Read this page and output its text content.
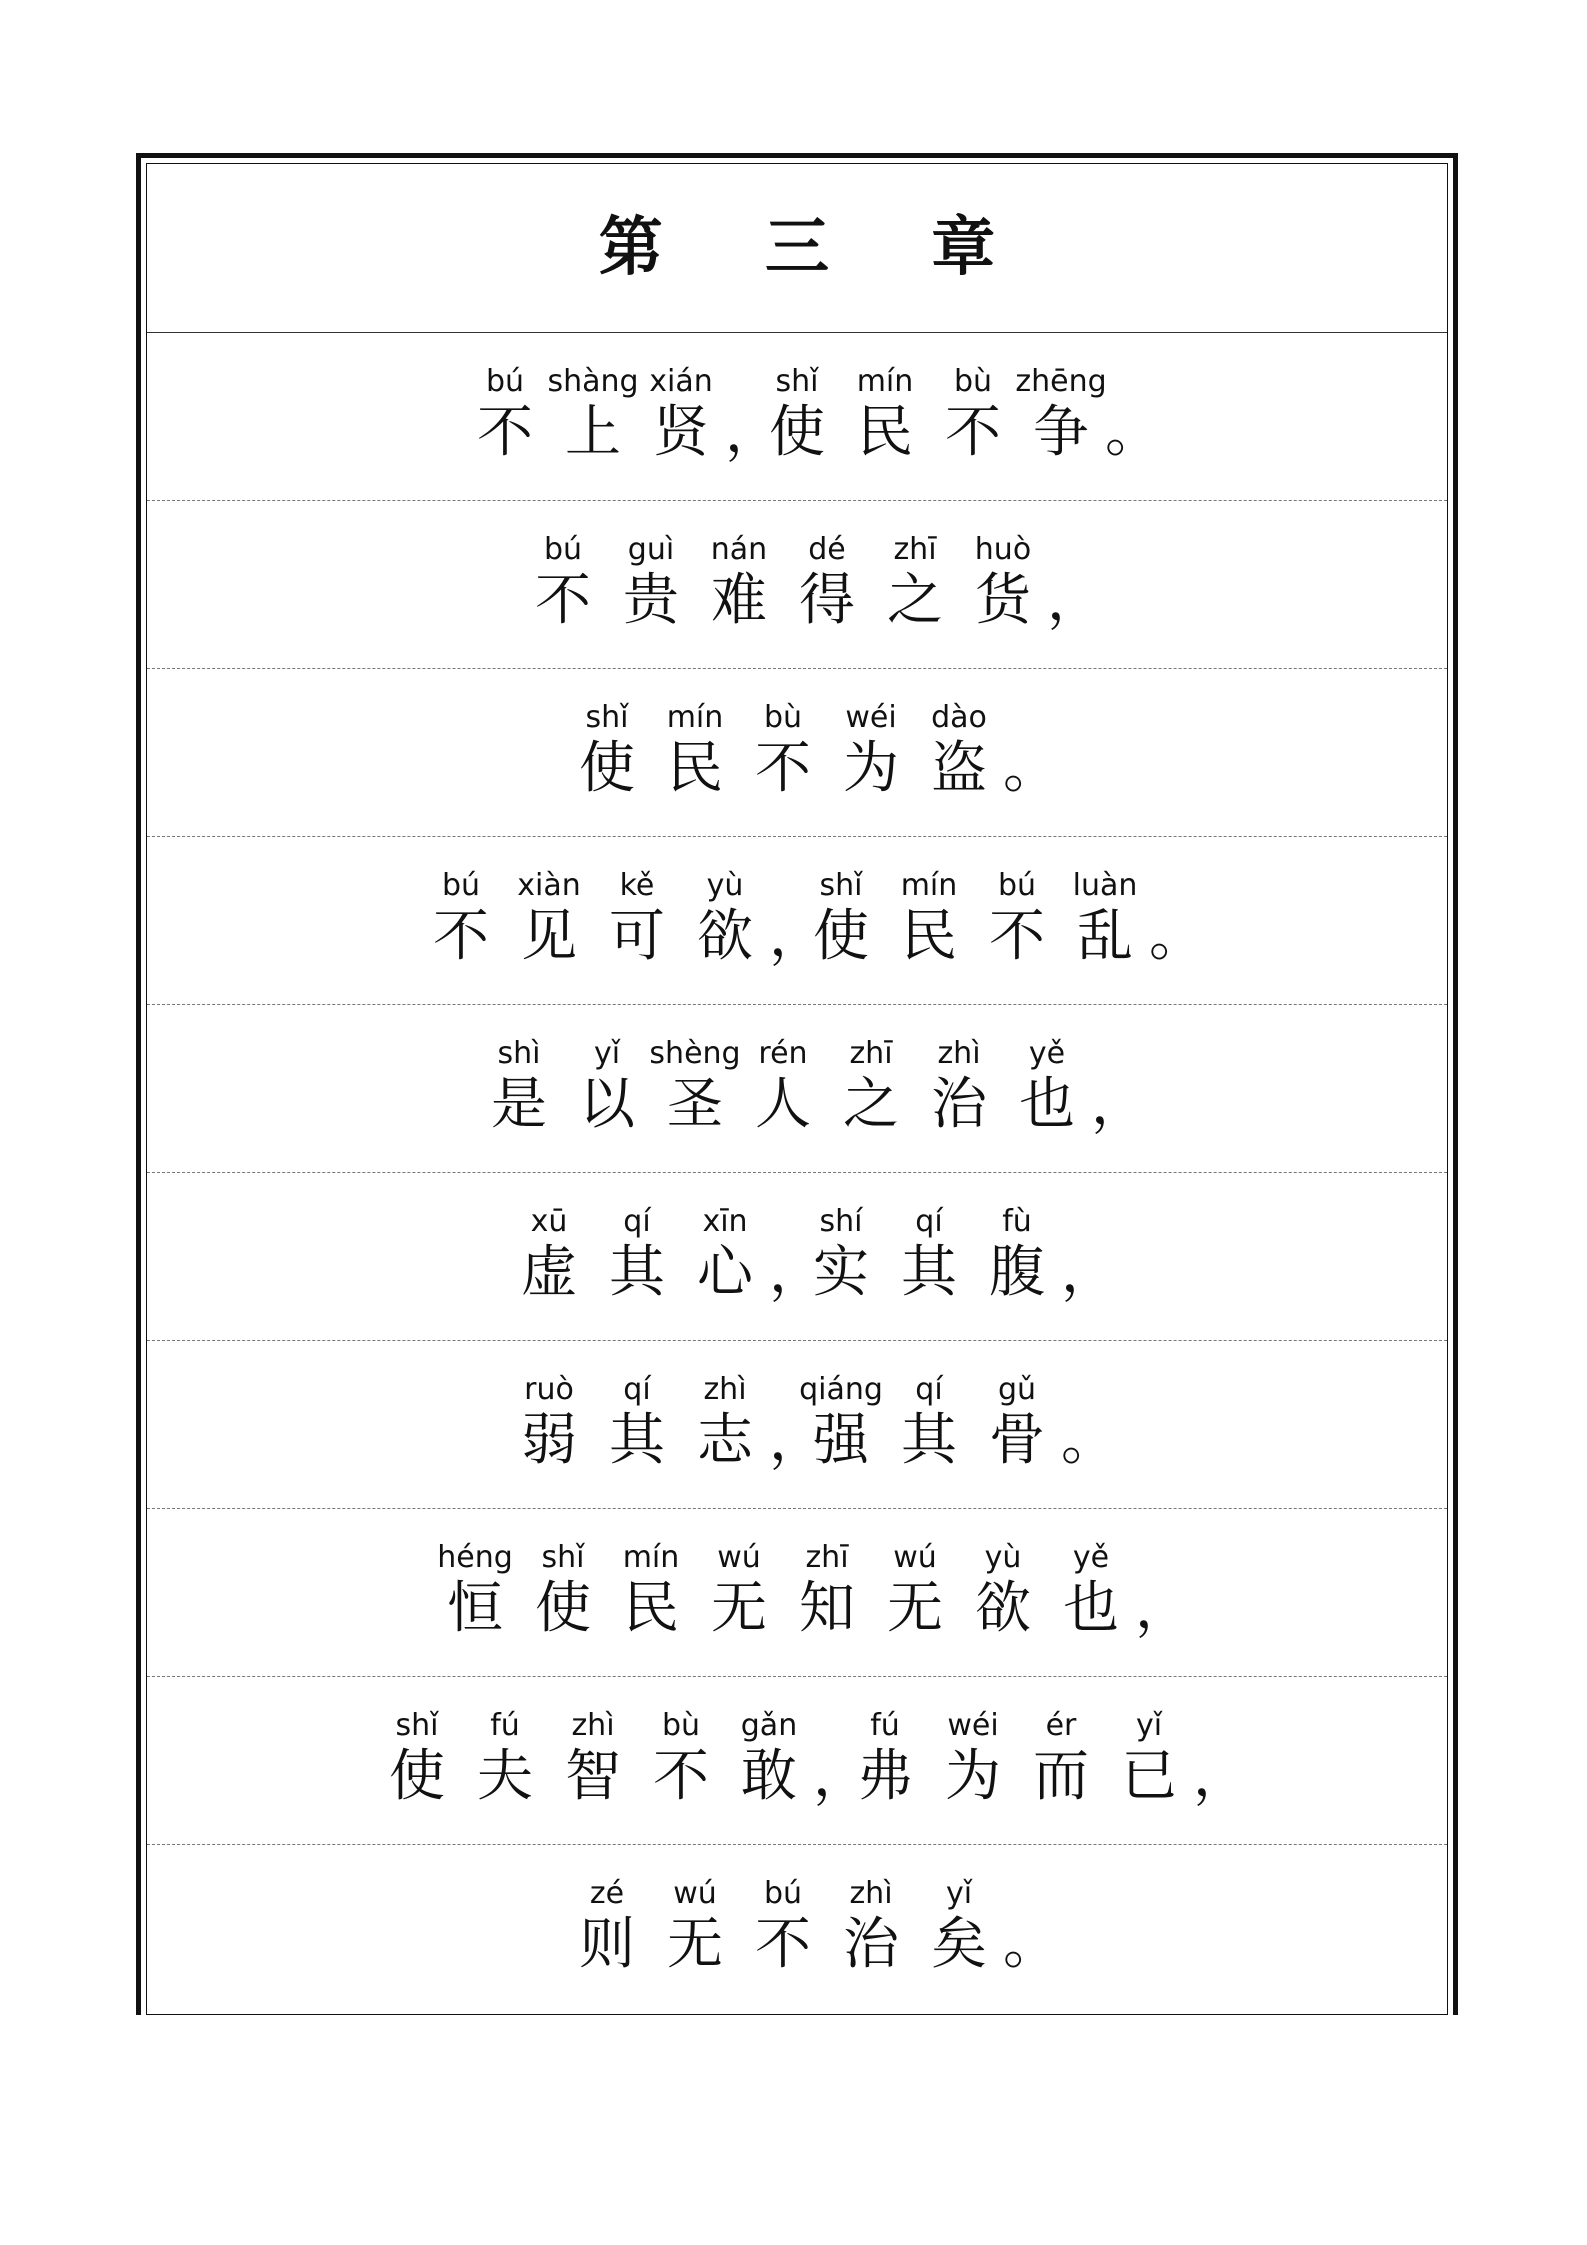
第 三 章
bú
不
shàng
上
xián
贤 ，
shǐ
使
mín
民
bù
不
zhēng
争 。
bú
不
guì
贵
nán
难
dé
得
zhī
之
huò
货 ，
shǐ
使
mín
民
bù
不
wéi
为
dào
盗 。
bú
不
xiàn
见
kě
可
yù
欲 ，
shǐ
使
mín
民
bú
不
luàn
乱 。
shì
是
yǐ
以
shèng
圣
rén
人
zhī
之
zhì
治
yě
也 ，
xū
虚
qí
其
xīn
心 ，
shí
实
qí
其
fù
腹 ，
ruò
弱
qí
其
zhì
志 ，
qiáng
强
qí
其
gǔ
骨 。
héng
恒
shǐ
使
mín
民
wú
无
zhī
知
wú
无
yù
欲
yě
也 ，
shǐ
使
fú
夫
zhì
智
bù
不
gǎn
敢 ，
fú
弗
wéi
为
ér
而
yǐ
已 ，
zé
则
wú
无
bú
不
zhì
治
yǐ
矣 。
